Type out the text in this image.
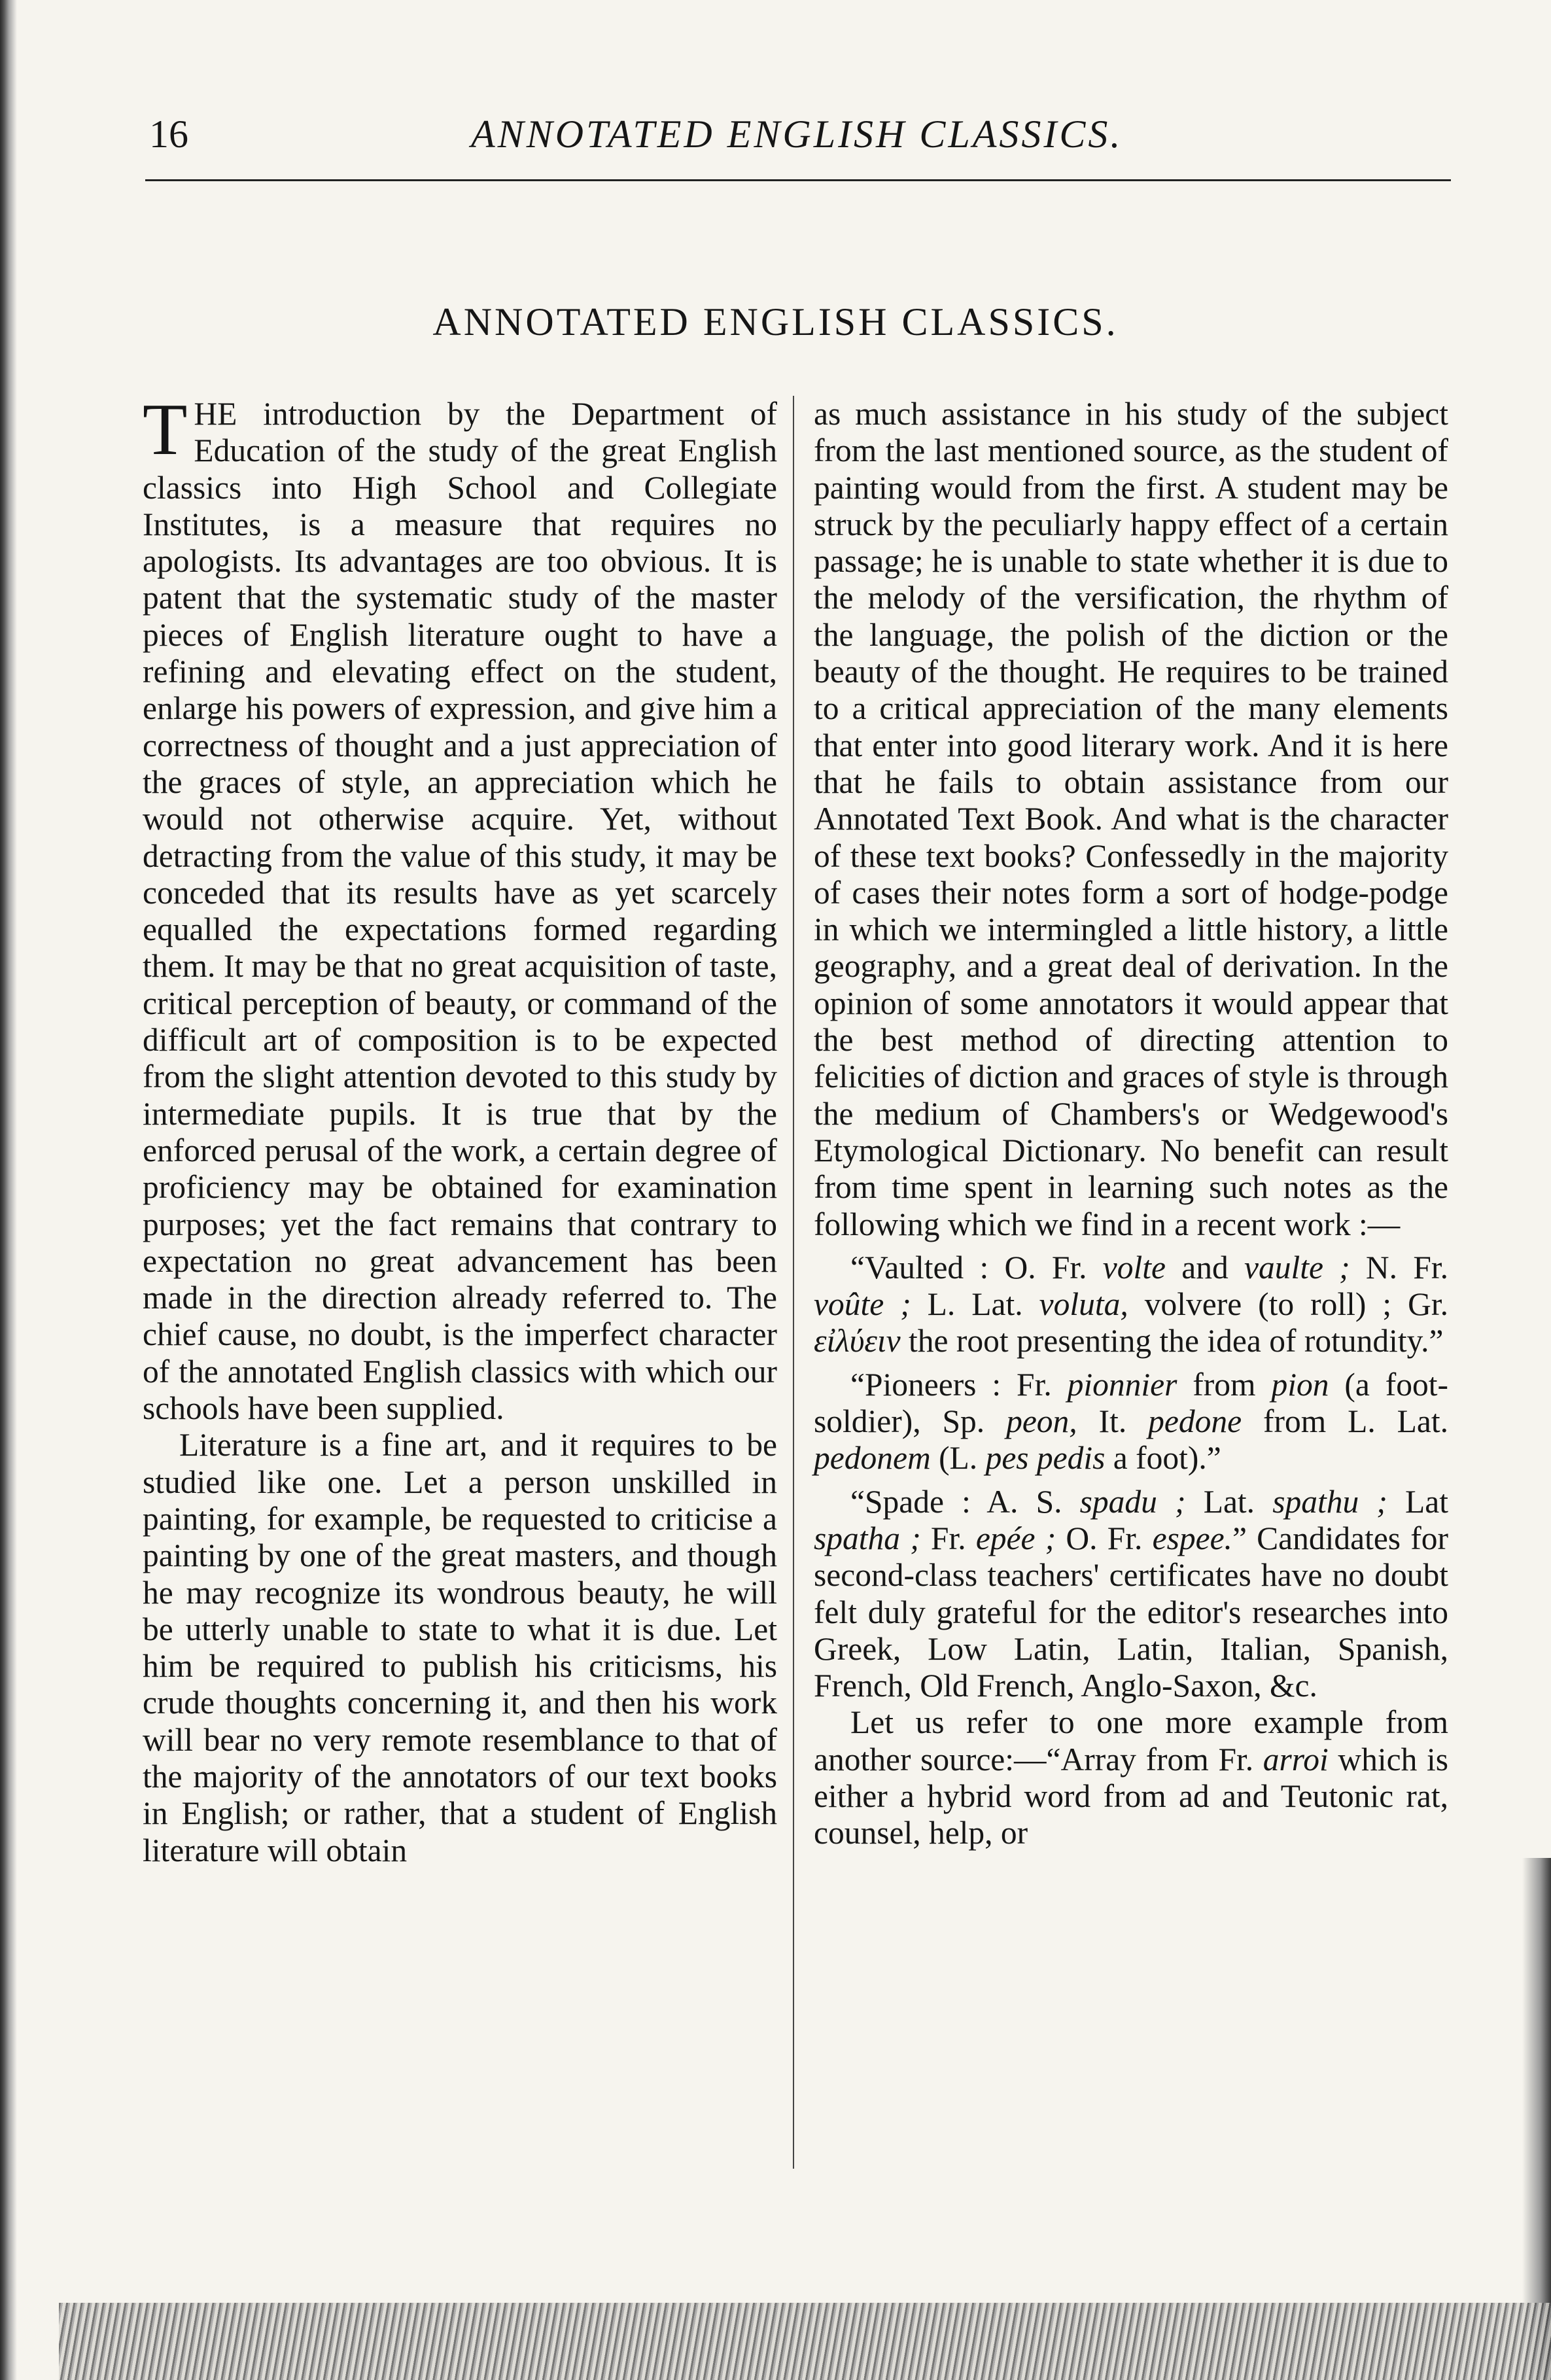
16	ANNOTATED ENGLISH CLASSICS.
ANNOTATED ENGLISH CLASSICS.

THE introduction by the Department of Education of the study of the great English classics into High School and Collegiate Institutes, is a measure that requires no apologists. Its advantages are too obvious. It is patent that the systematic study of the master pieces of English literature ought to have a refining and elevating effect on the student, enlarge his powers of expression, and give him a correctness of thought and a just appreciation of the graces of style, an appreciation which he would not otherwise acquire. Yet, without detracting from the value of this study, it may be conceded that its results have as yet scarcely equalled the expectations formed regarding them. It may be that no great acquisition of taste, critical perception of beauty, or command of the difficult art of composition is to be expected from the slight attention devoted to this study by intermediate pupils. It is true that by the enforced perusal of the work, a certain degree of proficiency may be obtained for examination purposes; yet the fact remains that contrary to expectation no great advancement has been made in the direction already referred to. The chief cause, no doubt, is the imperfect character of the annotated English classics with which our schools have been supplied.

Literature is a fine art, and it requires to be studied like one. Let a person unskilled in painting, for example, be requested to criticise a painting by one of the great masters, and though he may recognize its wondrous beauty, he will be utterly unable to state to what it is due. Let him be required to publish his criticisms, his crude thoughts concerning it, and then his work will bear no very remote resemblance to that of the majority of the annotators of our text books in English; or rather, that a student of English literature will obtain

as much assistance in his study of the subject from the last mentioned source, as the student of painting would from the first. A student may be struck by the peculiarly happy effect of a certain passage; he is unable to state whether it is due to the melody of the versification, the rhythm of the language, the polish of the diction or the beauty of the thought. He requires to be trained to a critical appreciation of the many elements that enter into good literary work. And it is here that he fails to obtain assistance from our Annotated Text Book. And what is the character of these text books? Confessedly in the majority of cases their notes form a sort of hodge-podge in which we intermingled a little history, a little geography, and a great deal of derivation. In the opinion of some annotators it would appear that the best method of directing attention to felicities of diction and graces of style is through the medium of Chambers's or Wedgewood's Etymological Dictionary. No benefit can result from time spent in learning such notes as the following which we find in a recent work :—

“Vaulted : O. Fr. volte and vaulte ; N. Fr. voûte ; L. Lat. voluta, volvere (to roll) ; Gr. εἰλύειν the root presenting the idea of rotundity.”

“Pioneers : Fr. pionnier from pion (a foot-soldier), Sp. peon, It. pedone from L. Lat. pedonem (L. pes pedis a foot).”

“Spade : A. S. spadu ; Lat. spathu ; Lat spatha ; Fr. epée ; O. Fr. espee.” Candidates for second-class teachers' certificates have no doubt felt duly grateful for the editor's researches into Greek, Low Latin, Latin, Italian, Spanish, French, Old French, Anglo-Saxon, &c.

Let us refer to one more example from another source:—“Array from Fr. arroi which is either a hybrid word from ad and Teutonic rat, counsel, help, or
